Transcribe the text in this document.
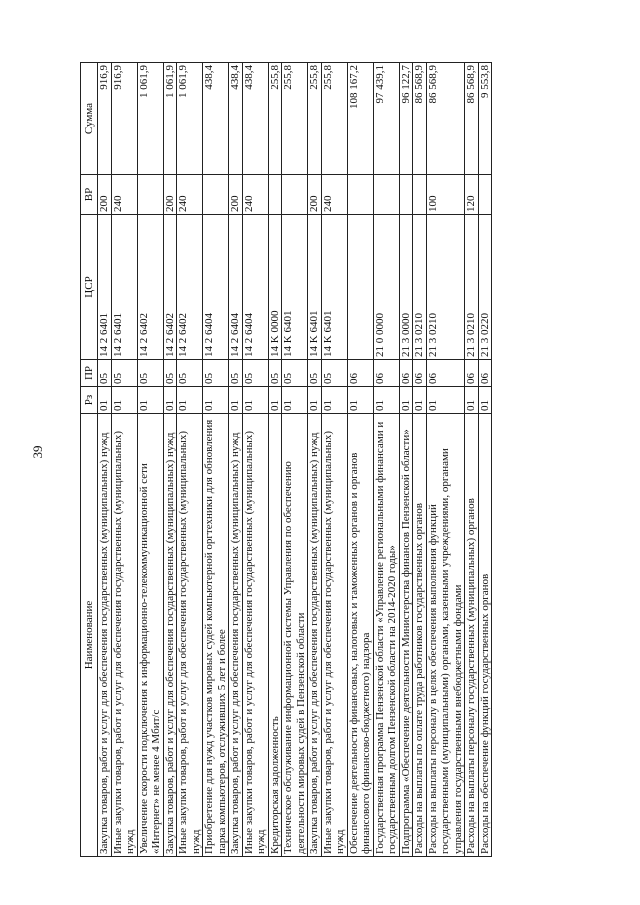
39
Наименование	Рз	ПР	ЦСР	ВР	Сумма
Закупка товаров, работ и услуг для обеспечения государственных (муниципальных) нужд	01	05	14 2 6401	200	916,9
Иные закупки товаров, работ и услуг для обеспечения государственных (муниципальных) нужд	01	05	14 2 6401	240	916,9
Увеличение скорости подключения к информационно-телекоммуникационной сети «Интернет» не менее 4 Мбит/с	01	05	14 2 6402		1 061,9
Закупка товаров, работ и услуг для обеспечения государственных (муниципальных) нужд	01	05	14 2 6402	200	1 061,9
Иные закупки товаров, работ и услуг для обеспечения государственных (муниципальных) нужд	01	05	14 2 6402	240	1 061,9
Приобретение для нужд участков мировых судей компьютерной оргтехники для обновления парка компьютеров, отслуживших 5 лет и более	01	05	14 2 6404		438,4
Закупка товаров, работ и услуг для обеспечения государственных (муниципальных) нужд	01	05	14 2 6404	200	438,4
Иные закупки товаров, работ и услуг для обеспечения государственных (муниципальных) нужд	01	05	14 2 6404	240	438,4
Кредиторская задолженность	01	05	14 K 0000		255,8
Техническое обслуживание информационной системы Управления по обеспечению деятельности мировых судей в Пензенской области	01	05	14 K 6401		255,8
Закупка товаров, работ и услуг для обеспечения государственных (муниципальных) нужд	01	05	14 K 6401	200	255,8
Иные закупки товаров, работ и услуг для обеспечения государственных (муниципальных) нужд	01	05	14 K 6401	240	255,8
Обеспечение деятельности финансовых, налоговых и таможенных органов и органов финансового (финансово-бюджетного) надзора	01	06			108 167,2
Государственная программа Пензенской области «Управление региональными финансами и государственным долгом Пензенской области на 2014-2020 годы»	01	06	21 0 0000		97 439,1
Подпрограмма «Обеспечение деятельности Министерства финансов Пензенской области»	01	06	21 3 0000		96 122,7
Расходы на выплаты по оплате труда работников государственных органов	01	06	21 3 0210		86 568,9
Расходы на выплаты персоналу в целях обеспечения выполнения функций государственными (муниципальными) органами, казенными учреждениями, органами управления государственными внебюджетными фондами	01	06	21 3 0210	100	86 568,9
Расходы на выплаты персоналу государственных (муниципальных) органов	01	06	21 3 0210	120	86 568,9
Расходы на обеспечение функций государственных органов	01	06	21 3 0220		9 553,8
